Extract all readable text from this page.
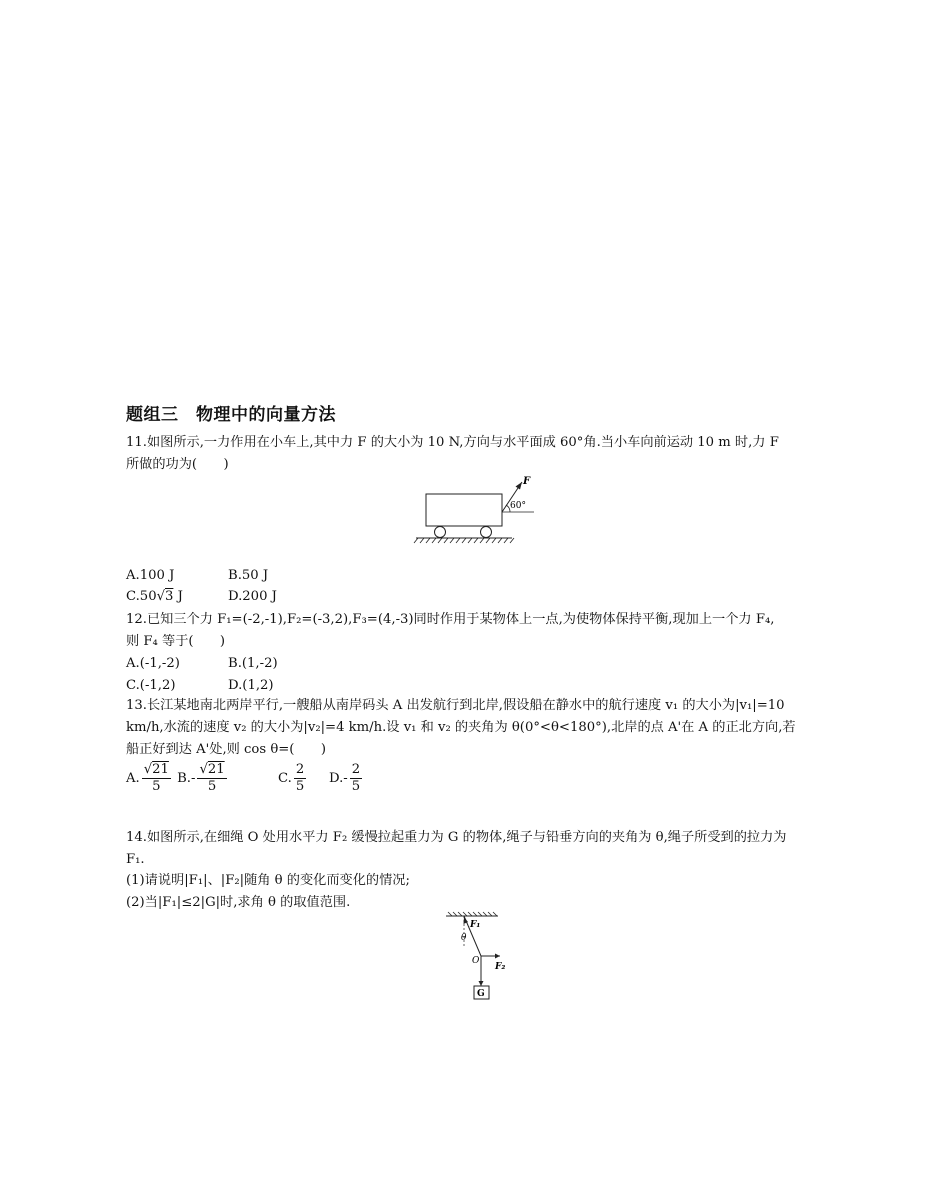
题组三　物理中的向量方法
11.如图所示,一力作用在小车上,其中力 F 的大小为 10 N,方向与水平面成 60°角.当小车向前运动 10 m 时,力 F
所做的功为(　　)
F
60°
A.100 J	B.50 J
C.50√3 J	D.200 J
12.已知三个力 F₁=(-2,-1),F₂=(-3,2),F₃=(4,-3)同时作用于某物体上一点,为使物体保持平衡,现加上一个力 F₄,
则 F₄ 等于(　　)
A.(-1,-2)	B.(1,-2)
C.(-1,2)	D.(1,2)
13.长江某地南北两岸平行,一艘船从南岸码头 A 出发航行到北岸,假设船在静水中的航行速度 v₁ 的大小为|v₁|=10
km/h,水流的速度 v₂ 的大小为|v₂|=4 km/h.设 v₁ 和 v₂ 的夹角为 θ(0°<θ<180°),北岸的点 A'在 A 的正北方向,若
船正好到达 A'处,则 cos θ=(　　)
A. $\frac{√21}{5} B.- \frac{√21}{5}$	C. $\frac{2}{5} D.- \frac{2}{5}$
14.如图所示,在细绳 O 处用水平力 F₂ 缓慢拉起重力为 G 的物体,绳子与铅垂方向的夹角为 θ,绳子所受到的拉力为
F₁.
(1)请说明|F₁|、|F₂|随角 θ 的变化而变化的情况;
(2)当|F₁|≤2|G|时,求角 θ 的取值范围.
F₁
θ
O
F₂
G
